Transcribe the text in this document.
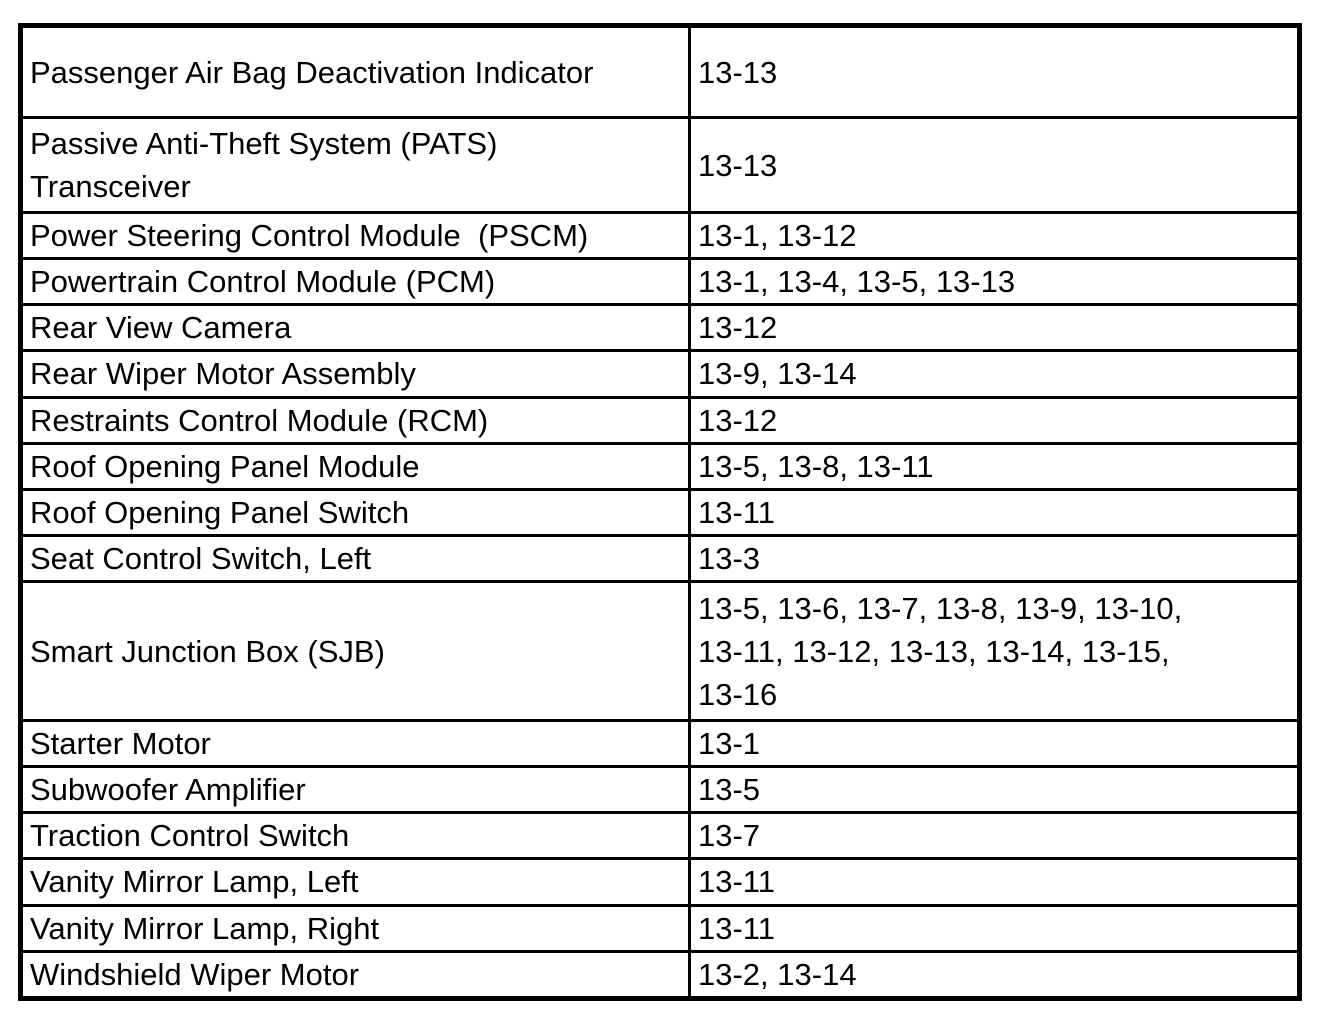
Passenger Air Bag Deactivation Indicator	13-13
Passive Anti-Theft System (PATS)
Transceiver	13-13
Power Steering Control Module  (PSCM)	13-1, 13-12
Powertrain Control Module (PCM)	13-1, 13-4, 13-5, 13-13
Rear View Camera	13-12
Rear Wiper Motor Assembly	13-9, 13-14
Restraints Control Module (RCM)	13-12
Roof Opening Panel Module	13-5, 13-8, 13-11
Roof Opening Panel Switch	13-11
Seat Control Switch, Left	13-3
Smart Junction Box (SJB)	13-5, 13-6, 13-7, 13-8, 13-9, 13-10,
13-11, 13-12, 13-13, 13-14, 13-15,
13-16
Starter Motor	13-1
Subwoofer Amplifier	13-5
Traction Control Switch	13-7
Vanity Mirror Lamp, Left	13-11
Vanity Mirror Lamp, Right	13-11
Windshield Wiper Motor	13-2, 13-14
